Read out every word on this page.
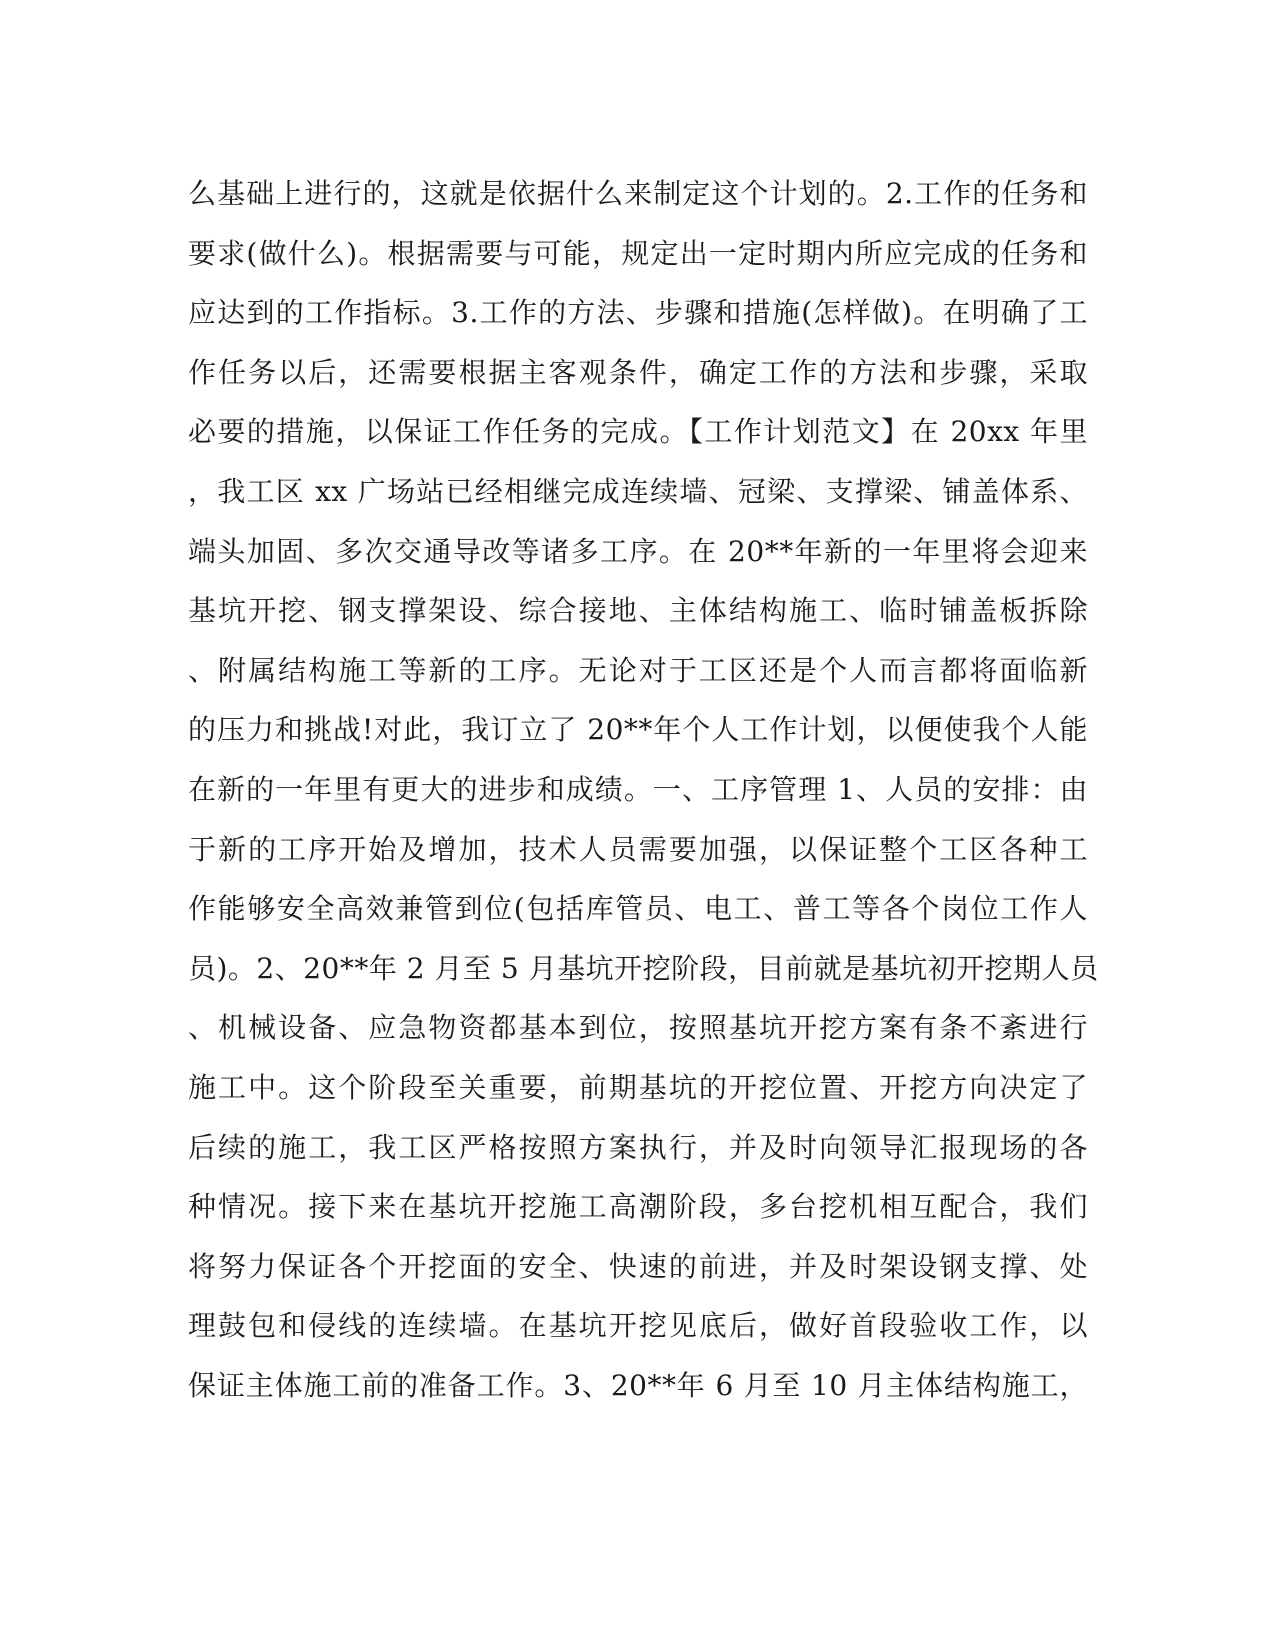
么基础上进行的，这就是依据什么来制定这个计划的。2.工作的任务和
要求(做什么)。根据需要与可能，规定出一定时期内所应完成的任务和
应达到的工作指标。3.工作的方法、步骤和措施(怎样做)。在明确了工
作任务以后，还需要根据主客观条件，确定工作的方法和步骤，采取
必要的措施，以保证工作任务的完成。【工作计划范文】在 20xx 年里
，我工区 xx 广场站已经相继完成连续墙、冠梁、支撑梁、铺盖体系、
端头加固、多次交通导改等诸多工序。在 20**年新的一年里将会迎来
基坑开挖、钢支撑架设、综合接地、主体结构施工、临时铺盖板拆除
、附属结构施工等新的工序。无论对于工区还是个人而言都将面临新
的压力和挑战!对此，我订立了 20**年个人工作计划，以便使我个人能
在新的一年里有更大的进步和成绩。一、工序管理 1、人员的安排：由
于新的工序开始及增加，技术人员需要加强，以保证整个工区各种工
作能够安全高效兼管到位(包括库管员、电工、普工等各个岗位工作人
员)。2、20**年 2 月至 5 月基坑开挖阶段，目前就是基坑初开挖期人员
、机械设备、应急物资都基本到位，按照基坑开挖方案有条不紊进行
施工中。这个阶段至关重要，前期基坑的开挖位置、开挖方向决定了
后续的施工，我工区严格按照方案执行，并及时向领导汇报现场的各
种情况。接下来在基坑开挖施工高潮阶段，多台挖机相互配合，我们
将努力保证各个开挖面的安全、快速的前进，并及时架设钢支撑、处
理鼓包和侵线的连续墙。在基坑开挖见底后，做好首段验收工作，以
保证主体施工前的准备工作。3、20**年 6 月至 10 月主体结构施工，
